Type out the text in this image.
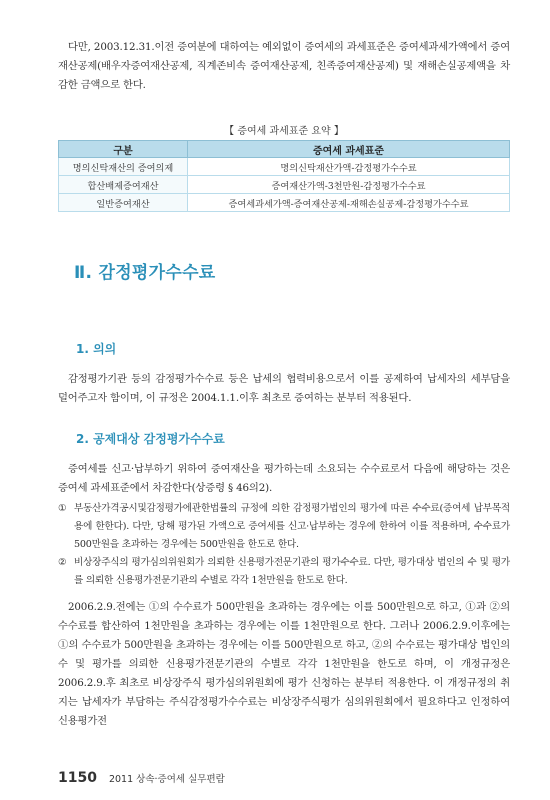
다만, 2003.12.31.이전 증여분에 대하여는 예외없이 증여세의 과세표준은 증여세과세가액에서 증여재산공제(배우자증여재산공제, 직계존비속 증여재산공제, 친족증여재산공제) 및 재해손실공제액을 차감한 금액으로 한다.

【 증여세 과세표준 요약 】
구분	증여세 과세표준
명의신탁재산의 증여의제	명의신탁재산가액-감정평가수수료
합산배제증여재산	증여재산가액-3천만원-감정평가수수료
일반증여재산	증여세과세가액-증여재산공제-재해손실공제-감정평가수수료
Ⅱ. 감정평가수수료
1. 의의

감정평가기관 등의 감정평가수수료 등은 납세의 협력비용으로서 이를 공제하여 납세자의 세부담을 덜어주고자 함이며, 이 규정은 2004.1.1.이후 최초로 증여하는 분부터 적용된다.

2. 공제대상 감정평가수수료

증여세를 신고·납부하기 위하여 증여재산을 평가하는데 소요되는 수수료로서 다음에 해당하는 것은 증여세 과세표준에서 차감한다(상증령 § 46의2).

① 부동산가격공시및감정평가에관한법률의 규정에 의한 감정평가법인의 평가에 따른 수수료(증여세 납부목적용에 한한다). 다만, 당해 평가된 가액으로 증여세를 신고·납부하는 경우에 한하여 이를 적용하며, 수수료가 500만원을 초과하는 경우에는 500만원을 한도로 한다.
② 비상장주식의 평가심의위원회가 의뢰한 신용평가전문기관의 평가수수료. 다만, 평가대상 법인의 수 및 평가를 의뢰한 신용평가전문기관의 수별로 각각 1천만원을 한도로 한다.

2006.2.9.전에는 ①의 수수료가 500만원을 초과하는 경우에는 이를 500만원으로 하고, ①과 ②의 수수료를 합산하여 1천만원을 초과하는 경우에는 이를 1천만원으로 한다. 그러나 2006.2.9.이후에는 ①의 수수료가 500만원을 초과하는 경우에는 이를 500만원으로 하고, ②의 수수료는 평가대상 법인의 수 및 평가를 의뢰한 신용평가전문기관의 수별로 각각 1천만원을 한도로 하며, 이 개정규정은 2006.2.9.후 최초로 비상장주식 평가심의위원회에 평가 신청하는 분부터 적용한다. 이 개정규정의 취지는 납세자가 부담하는 주식감정평가수수료는 비상장주식평가 심의위원회에서 필요하다고 인정하여 신용평가전

1150 2011 상속·증여세 실무편람
